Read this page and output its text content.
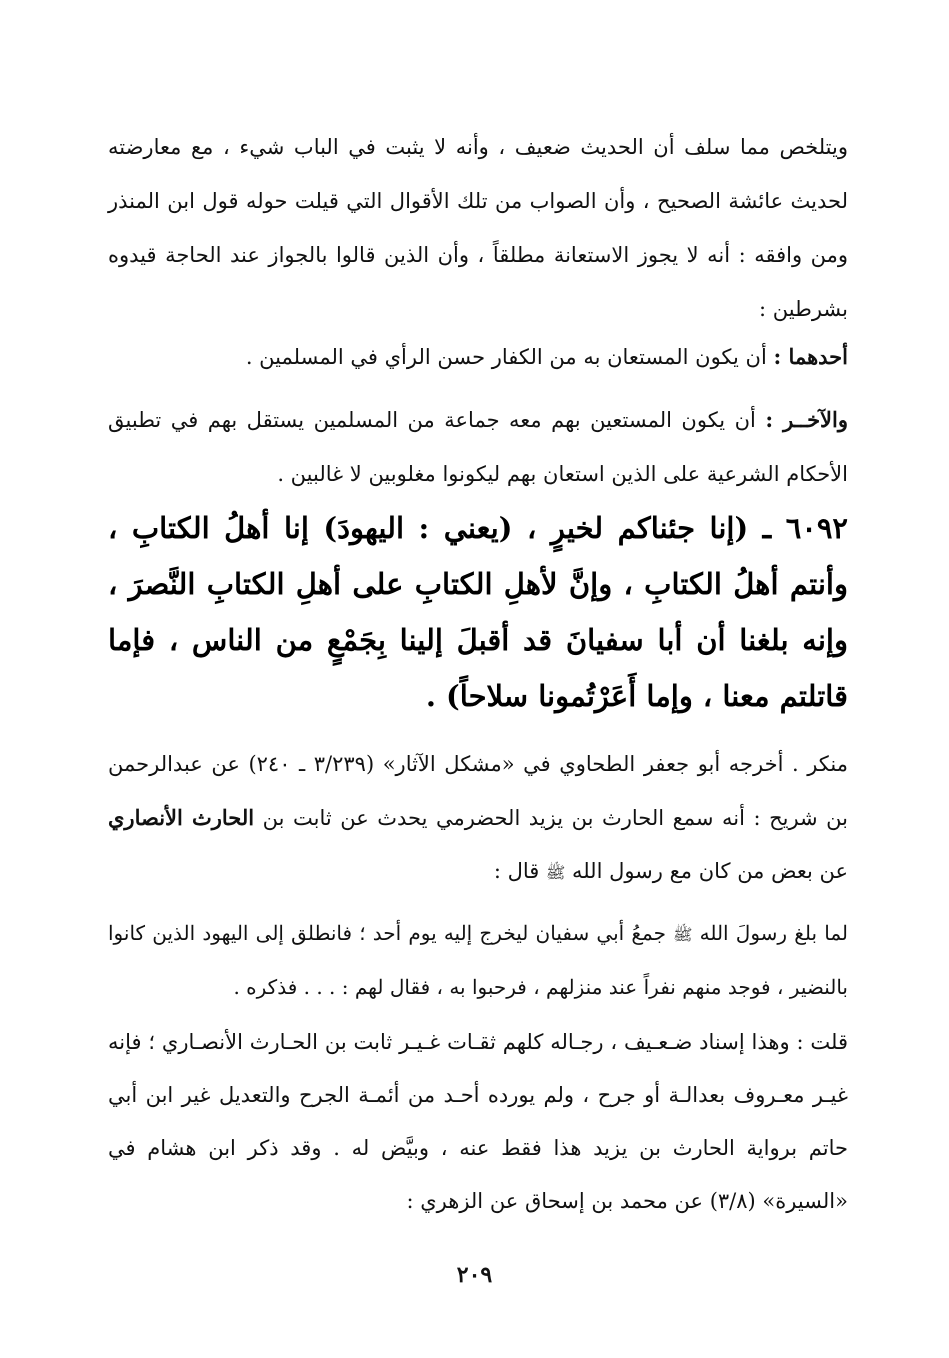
ويتلخص مما سلف أن الحديث ضعيف ، وأنه لا يثبت في الباب شيء ، مع معارضته لحديث عائشة الصحيح ، وأن الصواب من تلك الأقوال التي قيلت حوله قول ابن المنذر ومن وافقه : أنه لا يجوز الاستعانة مطلقاً ، وأن الذين قالوا بالجواز عند الحاجة قيدوه بشرطين :
أحدهما : أن يكون المستعان به من الكفار حسن الرأي في المسلمين .
والآخــر : أن يكون المستعين بهم معه جماعة من المسلمين يستقل بهم في تطبيق الأحكام الشرعية على الذين استعان بهم ليكونوا مغلوبين لا غالبين .
٦٠٩٢ ـ (إنا جئناكم لخيرٍ ، (يعني : اليهودَ) إنا أهلُ الكتابِ ، وأنتم أهلُ الكتابِ ، وإنَّ لأهلِ الكتابِ على أهلِ الكتابِ النَّصرَ ، وإنه بلغنا أن أبا سفيانَ قد أقبلَ إلينا بِجَمْعٍ من الناس ، فإما قاتلتم معنا ، وإما أَعَرْتُمونا سلاحاً) .
منكر . أخرجه أبو جعفر الطحاوي في «مشكل الآثار» (٣/٢٣٩ ـ ٢٤٠) عن عبدالرحمن بن شريح : أنه سمع الحارث بن يزيد الحضرمي يحدث عن ثابت بن الحارث الأنصاري عن بعض من كان مع رسول الله ﷺ قال :
لما بلغ رسولَ الله ﷺ جمعُ أبي سفيان ليخرج إليه يوم أحد ؛ فانطلق إلى اليهود الذين كانوا بالنضير ، فوجد منهم نفراً عند منزلهم ، فرحبوا به ، فقال لهم : . . . فذكره .
قلت : وهذا إسناد ضـعـيف ، رجـاله كلهم ثقـات غـيـر ثابت بن الحـارث الأنصـاري ؛ فإنه غيـر معـروف بعدالـة أو جرح ، ولم يورده أحـد من أئمـة الجرح والتعديل غير ابن أبي حاتم برواية الحارث بن يزيد هذا فقط عنه ، وبيَّض له . وقد ذكر ابن هشام في «السيرة» (٣/٨) عن محمد بن إسحاق عن الزهري :
٢٠٩
